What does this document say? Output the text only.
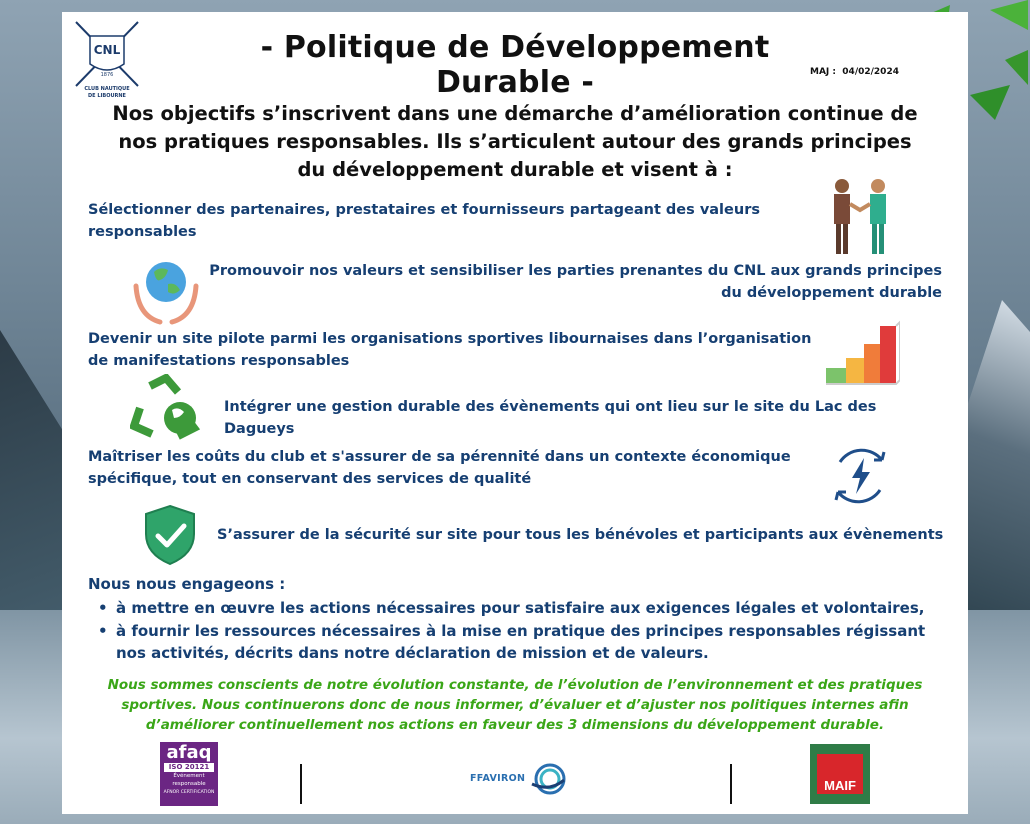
CNL
1876
CLUB NAUTIQUE
DE LIBOURNE
- Politique de Développement Durable -	MAJ : 04/02/2024
Nos objectifs s’inscrivent dans une démarche d’amélioration continue de nos pratiques responsables. Ils s’articulent autour des grands principes du développement durable et visent à :
Sélectionner des partenaires, prestataires et fournisseurs partageant des valeurs responsables
Promouvoir nos valeurs et sensibiliser les parties prenantes du CNL aux grands principes du développement durable
Devenir un site pilote parmi les organisations sportives libournaises dans l’organisation de manifestations responsables
Intégrer une gestion durable des évènements qui ont lieu sur le site du Lac des Dagueys
Maîtriser les coûts du club et s'assurer de sa pérennité dans un contexte économique spécifique, tout en conservant des services de qualité
S’assurer de la sécurité sur site pour tous les bénévoles et participants aux évènements
Nous nous engageons :
• à mettre en œuvre les actions nécessaires pour satisfaire aux exigences légales et volontaires,
• à fournir les ressources nécessaires à la mise en pratique des principes responsables régissant nos activités, décrits dans notre déclaration de mission et de valeurs.
Nous sommes conscients de notre évolution constante, de l’évolution de l’environnement et des pratiques sportives. Nous continuerons donc de nous informer, d’évaluer et d’ajuster nos politiques internes afin d’améliorer continuellement nos actions en faveur des 3 dimensions du développement durable.
afaq
ISO 20121
Événement
responsable
AFNOR CERTIFICATION
FFAVIRON	MAIF
